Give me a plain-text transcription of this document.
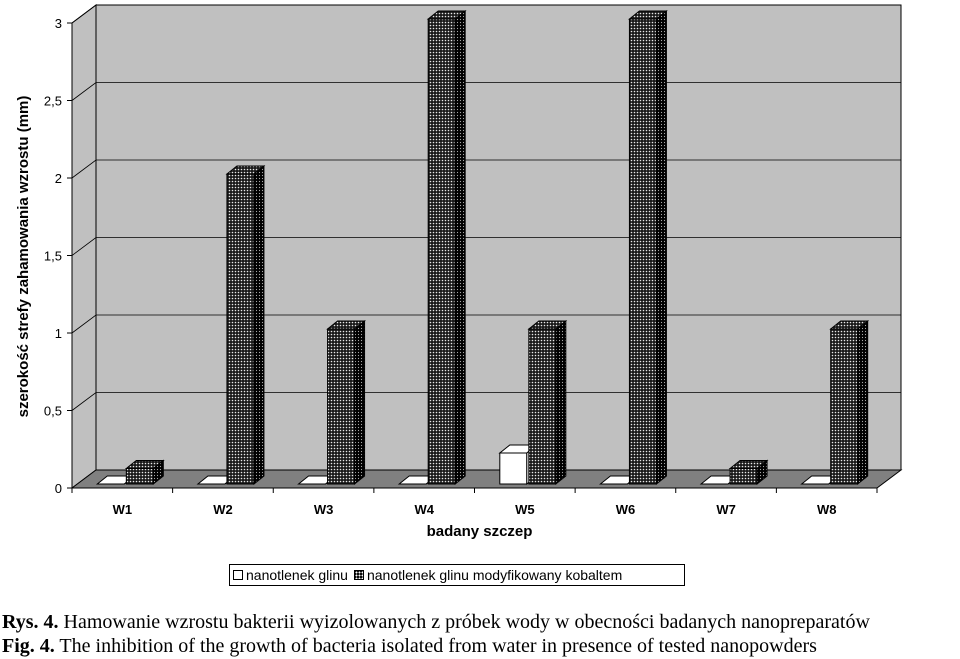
0
0,5
1
1,5
2
2,5
3
W1	W2	W3	W4	W5	W6	W7	W8
badany szczep
szerokość strefy zahamowania wzrostu (mm)
nanotlenek glinu nanotlenek glinu modyfikowany kobaltem
Rys. 4. Hamowanie wzrostu bakterii wyizolowanych z próbek wody w obecności badanych nanopreparatów
Fig. 4. The inhibition of the growth of bacteria isolated from water in presence of tested nanopowders
